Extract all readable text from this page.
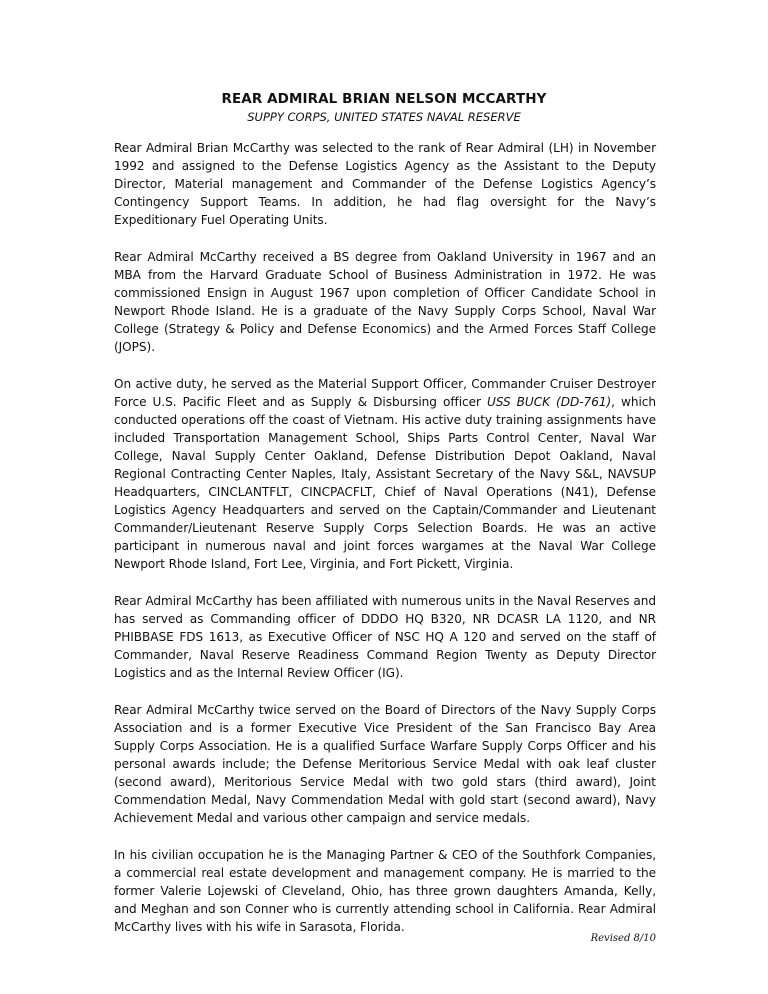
REAR ADMIRAL BRIAN NELSON MCCARTHY
SUPPY CORPS, UNITED STATES NAVAL RESERVE

Rear Admiral Brian McCarthy was selected to the rank of Rear Admiral (LH) in November 1992 and assigned to the Defense Logistics Agency as the Assistant to the Deputy Director, Material management and Commander of the Defense Logistics Agency’s Contingency Support Teams. In addition, he had flag oversight for the Navy’s Expeditionary Fuel Operating Units.

Rear Admiral McCarthy received a BS degree from Oakland University in 1967 and an MBA from the Harvard Graduate School of Business Administration in 1972. He was commissioned Ensign in August 1967 upon completion of Officer Candidate School in Newport Rhode Island. He is a graduate of the Navy Supply Corps School, Naval War College (Strategy & Policy and Defense Economics) and the Armed Forces Staff College (JOPS).

On active duty, he served as the Material Support Officer, Commander Cruiser Destroyer Force U.S. Pacific Fleet and as Supply & Disbursing officer USS BUCK (DD-761), which conducted operations off the coast of Vietnam. His active duty training assignments have included Transportation Management School, Ships Parts Control Center, Naval War College, Naval Supply Center Oakland, Defense Distribution Depot Oakland, Naval Regional Contracting Center Naples, Italy, Assistant Secretary of the Navy S&L, NAVSUP Headquarters, CINCLANTFLT, CINCPACFLT, Chief of Naval Operations (N41), Defense Logistics Agency Headquarters and served on the Captain/Commander and Lieutenant Commander/Lieutenant Reserve Supply Corps Selection Boards. He was an active participant in numerous naval and joint forces wargames at the Naval War College Newport Rhode Island, Fort Lee, Virginia, and Fort Pickett, Virginia.

Rear Admiral McCarthy has been affiliated with numerous units in the Naval Reserves and has served as Commanding officer of DDDO HQ B320, NR DCASR LA 1120, and NR PHIBBASE FDS 1613, as Executive Officer of NSC HQ A 120 and served on the staff of Commander, Naval Reserve Readiness Command Region Twenty as Deputy Director Logistics and as the Internal Review Officer (IG).

Rear Admiral McCarthy twice served on the Board of Directors of the Navy Supply Corps Association and is a former Executive Vice President of the San Francisco Bay Area Supply Corps Association. He is a qualified Surface Warfare Supply Corps Officer and his personal awards include; the Defense Meritorious Service Medal with oak leaf cluster (second award), Meritorious Service Medal with two gold stars (third award), Joint Commendation Medal, Navy Commendation Medal with gold start (second award), Navy Achievement Medal and various other campaign and service medals.

In his civilian occupation he is the Managing Partner & CEO of the Southfork Companies, a commercial real estate development and management company. He is married to the former Valerie Lojewski of Cleveland, Ohio, has three grown daughters Amanda, Kelly, and Meghan and son Conner who is currently attending school in California. Rear Admiral McCarthy lives with his wife in Sarasota, Florida.

Revised 8/10
